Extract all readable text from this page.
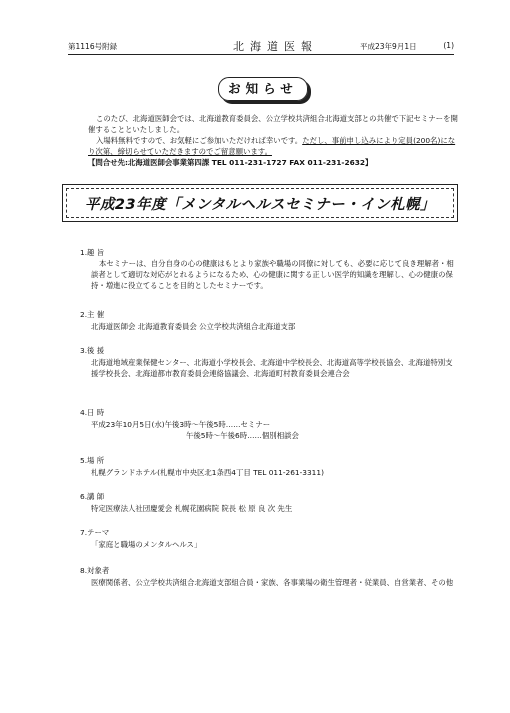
第1116号附録	北海道医報	平成23年9月1日	(1)
お知らせ

このたび、北海道医師会では、北海道教育委員会、公立学校共済組合北海道支部との共催で下記セミナーを開催することといたしました。

入場料無料ですので、お気軽にご参加いただければ幸いです。ただし、事前申し込みにより定員(200名)になり次第、締切らせていただきますのでご留意願います。

【問合せ先:北海道医師会事業第四課 TEL 011-231-1727 FAX 011-231-2632】

平成23年度「メンタルヘルスセミナー・イン札幌」
1.趣 旨
本セミナーは、自分自身の心の健康はもとより家族や職場の同僚に対しても、必要に応じて良き理解者・相談者として適切な対応がとれるようになるため、心の健康に関する正しい医学的知識を理解し、心の健康の保持・増進に役立てることを目的としたセミナーです。
2.主 催
北海道医師会 北海道教育委員会 公立学校共済組合北海道支部
3.後 援
北海道地域産業保健センター、北海道小学校長会、北海道中学校長会、北海道高等学校長協会、北海道特別支援学校長会、北海道都市教育委員会連絡協議会、北海道町村教育委員会連合会
4.日 時
平成23年10月5日(水)午後3時〜午後5時……セミナー
午後5時〜午後6時……個別相談会
5.場 所
札幌グランドホテル(札幌市中央区北1条西4丁目 TEL 011-261-3311)
6.講 師
特定医療法人社団慶愛会 札幌花園病院 院長 松 原 良 次 先生
7.テーマ
「家庭と職場のメンタルヘルス」
8.対象者
医療関係者、公立学校共済組合北海道支部組合員・家族、各事業場の衛生管理者・従業員、自営業者、その他
